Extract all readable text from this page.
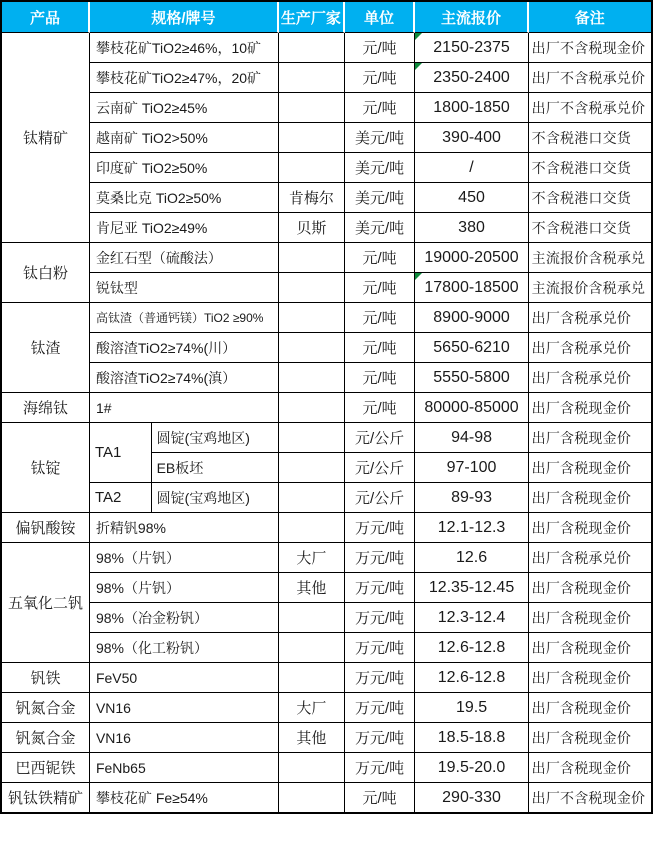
产品	规格/牌号		生产厂家	单位	主流报价	备注
钛精矿	攀枝花矿TiO2≥46%，10矿			元/吨	2150-2375	出厂不含税现金价
	攀枝花矿TiO2≥47%，20矿			元/吨	2350-2400	出厂不含税承兑价
	云南矿 TiO2≥45%			元/吨	1800-1850	出厂不含税承兑价
	越南矿 TiO2>50%			美元/吨	390-400	不含税港口交货
	印度矿 TiO2≥50%			美元/吨	/	不含税港口交货
	莫桑比克 TiO2≥50%		肯梅尔	美元/吨	450	不含税港口交货
	肯尼亚 TiO2≥49%		贝斯	美元/吨	380	不含税港口交货
钛白粉	金红石型（硫酸法）			元/吨	19000-20500	主流报价含税承兑
	锐钛型			元/吨	17800-18500	主流报价含税承兑
钛渣	高钛渣（普通钙镁）TiO2 ≥90%			元/吨	8900-9000	出厂含税承兑价
	酸溶渣TiO2≥74%(川）			元/吨	5650-6210	出厂含税承兑价
	酸溶渣TiO2≥74%(滇）			元/吨	5550-5800	出厂含税承兑价
海绵钛	1#			元/吨	80000-85000	出厂含税现金价
钛锭	TA1	圆锭(宝鸡地区)		元/公斤	94-98	出厂含税现金价
		EB板坯		元/公斤	97-100	出厂含税现金价
	TA2	圆锭(宝鸡地区)		元/公斤	89-93	出厂含税现金价
偏钒酸铵	折精钒98%			万元/吨	12.1-12.3	出厂含税现金价
五氧化二钒	98%（片钒）		大厂	万元/吨	12.6	出厂含税承兑价
	98%（片钒）		其他	万元/吨	12.35-12.45	出厂含税现金价
	98%（冶金粉钒）			万元/吨	12.3-12.4	出厂含税现金价
	98%（化工粉钒）			万元/吨	12.6-12.8	出厂含税现金价
钒铁	FeV50			万元/吨	12.6-12.8	出厂含税现金价
钒氮合金	VN16		大厂	万元/吨	19.5	出厂含税现金价
钒氮合金	VN16		其他	万元/吨	18.5-18.8	出厂含税现金价
巴西铌铁	FeNb65			万元/吨	19.5-20.0	出厂含税现金价
钒钛铁精矿	攀枝花矿 Fe≥54%			元/吨	290-330	出厂不含税现金价
